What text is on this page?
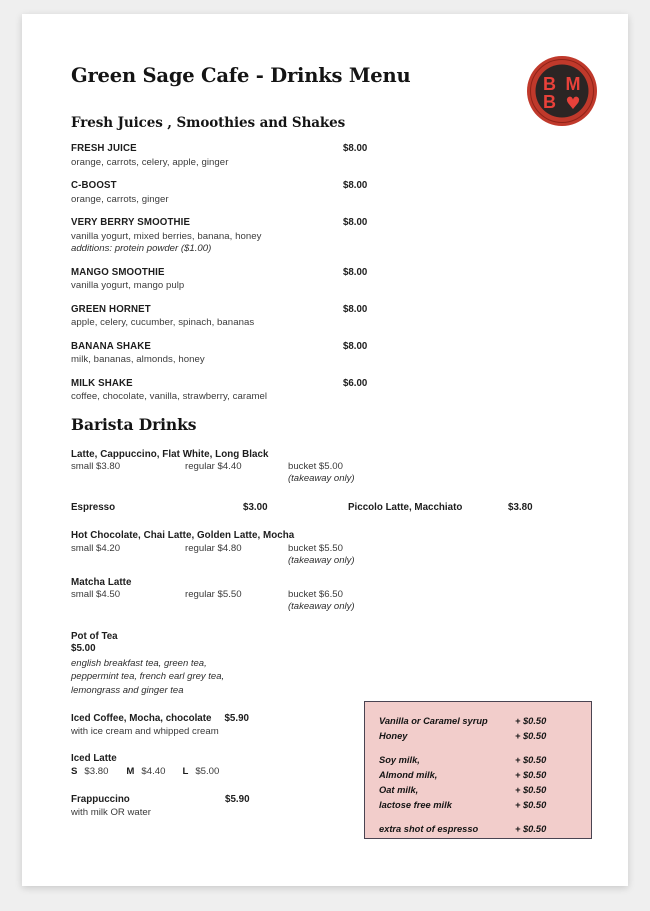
Green Sage Cafe - Drinks Menu	B M
B ♥
Fresh Juices , Smoothies and Shakes
FRESH JUICE	$8.00
orange, carrots, celery, apple, ginger
C-BOOST	$8.00
orange, carrots, ginger
VERY BERRY SMOOTHIE	$8.00
vanilla yogurt, mixed berries, banana, honey
additions: protein powder ($1.00)
MANGO SMOOTHIE	$8.00
vanilla yogurt, mango pulp
GREEN HORNET	$8.00
apple, celery, cucumber, spinach, bananas
BANANA SHAKE	$8.00
milk, bananas, almonds, honey
MILK SHAKE	$6.00
coffee, chocolate, vanilla, strawberry, caramel
Barista Drinks
Latte, Cappuccino, Flat White, Long Black
small $3.80	regular $4.40	bucket $5.00
(takeaway only)
Espresso	$3.00	Piccolo Latte, Macchiato	$3.80
Hot Chocolate, Chai Latte, Golden Latte, Mocha
small $4.20	regular $4.80	bucket $5.50
(takeaway only)
Matcha Latte
small $4.50	regular $5.50	bucket $6.50
(takeaway only)
Pot of Tea
$5.00
english breakfast tea, green tea,
peppermint tea, french earl grey tea,
lemongrass and ginger tea
Iced Coffee, Mocha, chocolate $5.90
with ice cream and whipped cream
Iced Latte
S $3.80 M $4.40 L $5.00
Frappuccino	$5.90
with milk OR water
Vanilla or Caramel syrup	+ $0.50
Honey	+ $0.50
Soy milk,	+ $0.50
Almond milk,	+ $0.50
Oat milk,	+ $0.50
lactose free milk	+ $0.50
extra shot of espresso	+ $0.50
